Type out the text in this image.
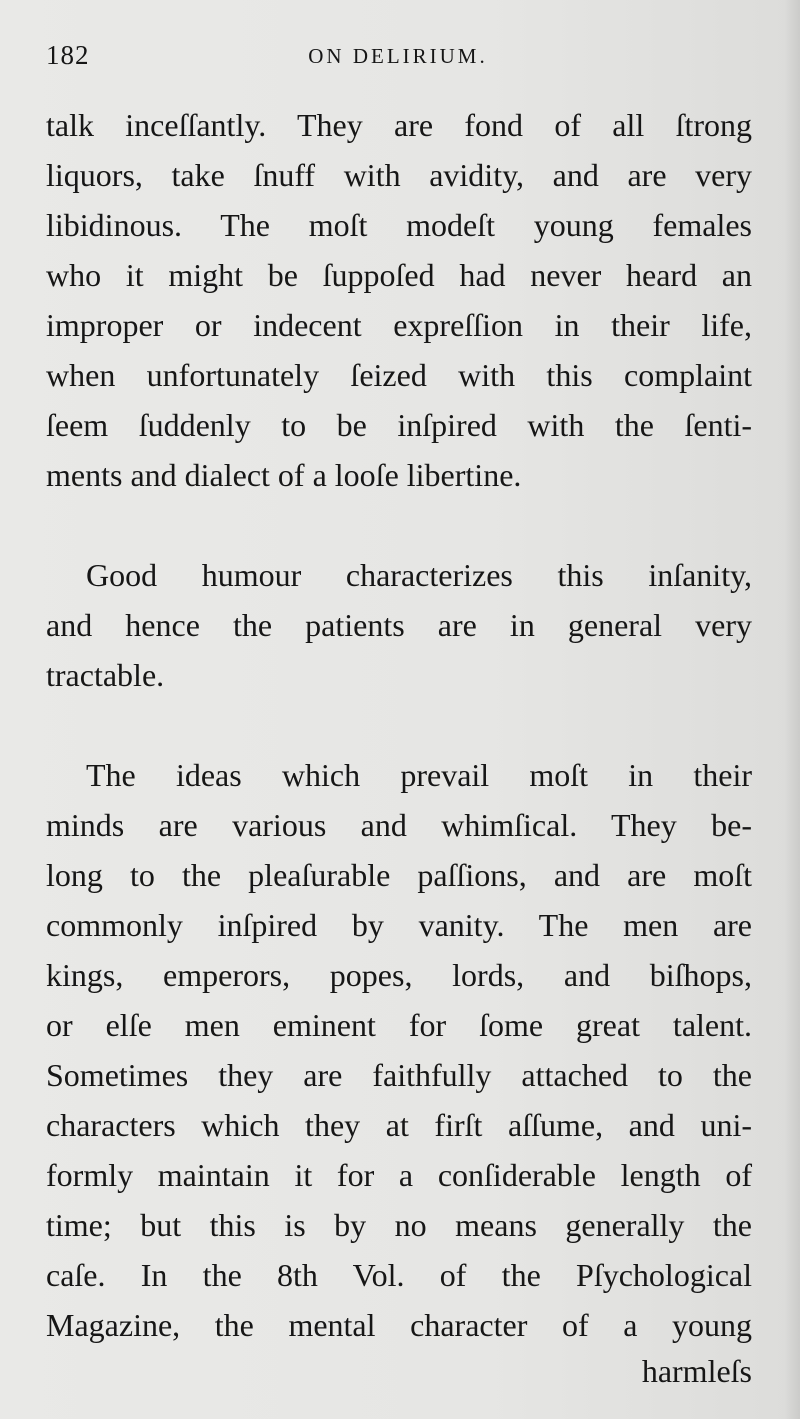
182	ON DELIRIUM.
talk inceſſantly. They are fond of all ſtrong
liquors, take ſnuff with avidity, and are very
libidinous. The moſt modeſt young females
who it might be ſuppoſed had never heard an
improper or indecent expreſſion in their life,
when unfortunately ſeized with this complaint
ſeem ſuddenly to be inſpired with the ſenti-
ments and dialect of a looſe libertine.
Good humour characterizes this inſanity,
and hence the patients are in general very
tractable.
The ideas which prevail moſt in their
minds are various and whimſical. They be-
long to the pleaſurable paſſions, and are moſt
commonly inſpired by vanity. The men are
kings, emperors, popes, lords, and biſhops,
or elſe men eminent for ſome great talent.
Sometimes they are faithfully attached to the
characters which they at firſt aſſume, and uni-
formly maintain it for a conſiderable length of
time; but this is by no means generally the
caſe. In the 8th Vol. of the Pſychological
Magazine, the mental character of a young
harmleſs
